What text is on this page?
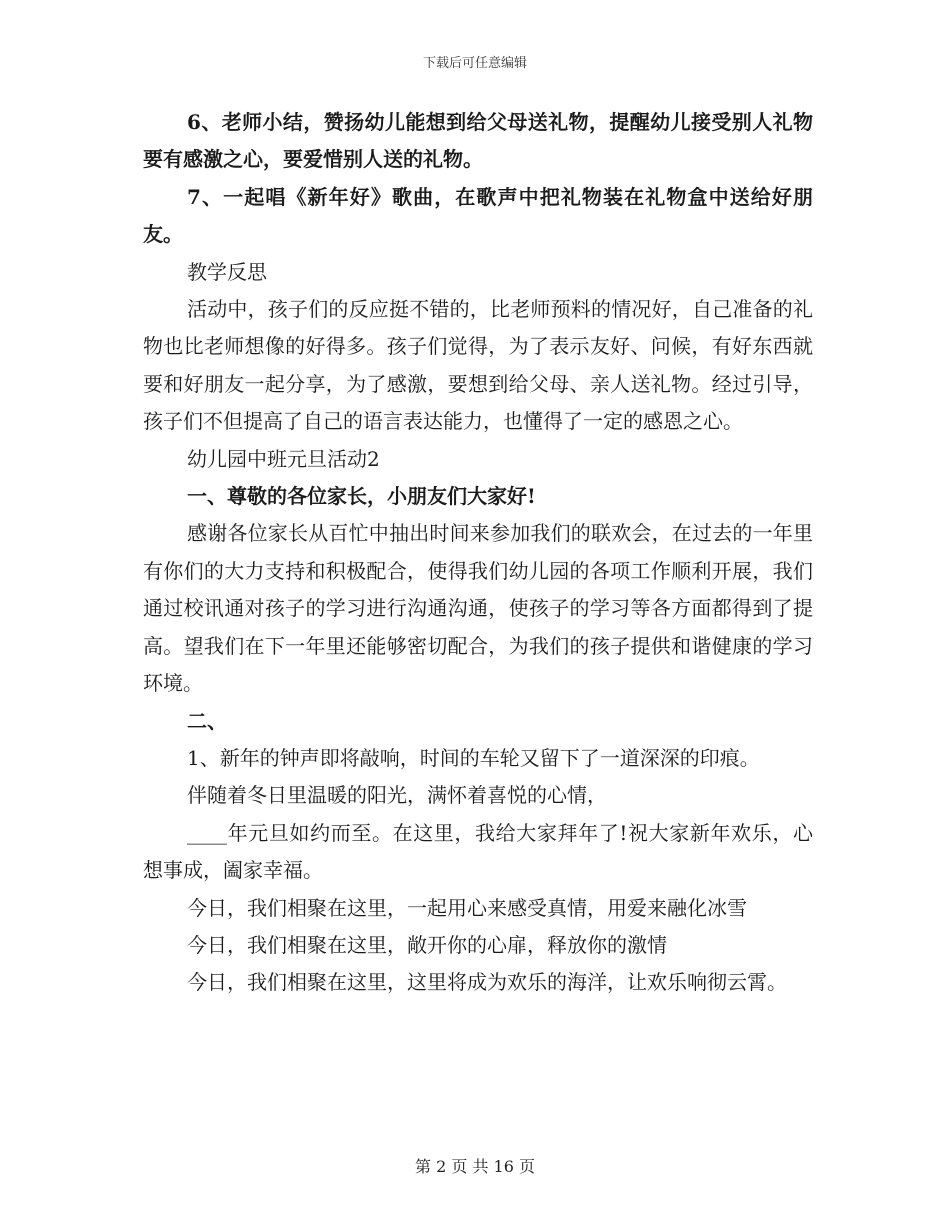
下载后可任意编辑

6、老师小结，赞扬幼儿能想到给父母送礼物，提醒幼儿接受别人礼物要有感激之心，要爱惜别人送的礼物。

7、一起唱《新年好》歌曲，在歌声中把礼物装在礼物盒中送给好朋友。

教学反思

活动中，孩子们的反应挺不错的，比老师预料的情况好，自己准备的礼物也比老师想像的好得多。孩子们觉得，为了表示友好、问候，有好东西就要和好朋友一起分享，为了感激，要想到给父母、亲人送礼物。经过引导，孩子们不但提高了自己的语言表达能力，也懂得了一定的感恩之心。

幼儿园中班元旦活动2

一、尊敬的各位家长，小朋友们大家好!

感谢各位家长从百忙中抽出时间来参加我们的联欢会，在过去的一年里有你们的大力支持和积极配合，使得我们幼儿园的各项工作顺利开展，我们通过校讯通对孩子的学习进行沟通沟通，使孩子的学习等各方面都得到了提高。望我们在下一年里还能够密切配合，为我们的孩子提供和谐健康的学习环境。

二、

1、新年的钟声即将敲响，时间的车轮又留下了一道深深的印痕。

伴随着冬日里温暖的阳光，满怀着喜悦的心情，

____年元旦如约而至。在这里，我给大家拜年了!祝大家新年欢乐，心想事成，阖家幸福。

今日，我们相聚在这里，一起用心来感受真情，用爱来融化冰雪

今日，我们相聚在这里，敞开你的心扉，释放你的激情

今日，我们相聚在这里，这里将成为欢乐的海洋，让欢乐响彻云霄。

第 2 页 共 16 页
